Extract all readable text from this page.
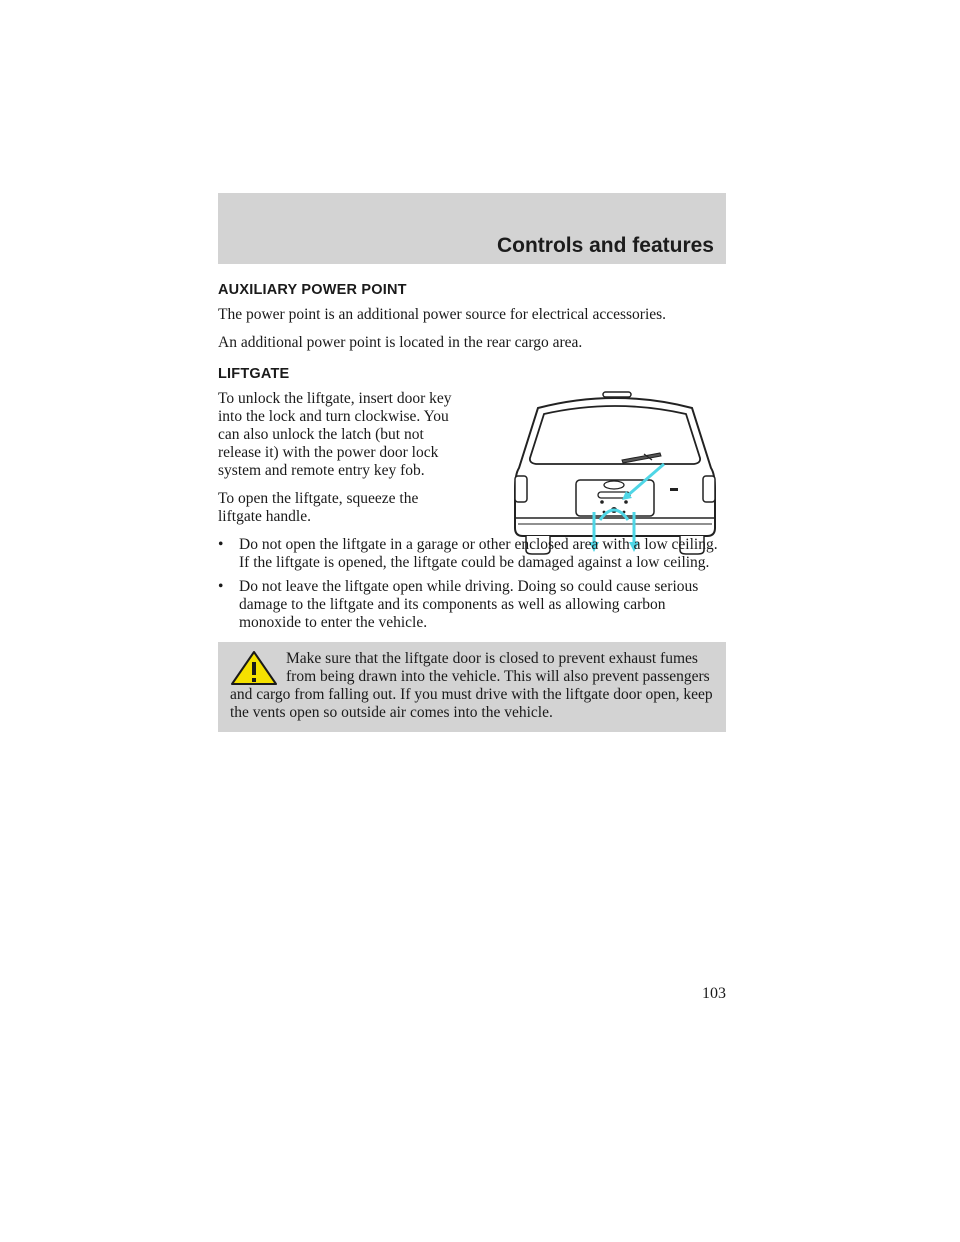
Controls and features
AUXILIARY POWER POINT

The power point is an additional power source for electrical accessories.

An additional power point is located in the rear cargo area.

LIFTGATE

To unlock the liftgate, insert door key into the lock and turn clockwise. You can also unlock the latch (but not release it) with the power door lock system and remote entry key fob.

To open the liftgate, squeeze the liftgate handle.

•	Do not open the liftgate in a garage or other enclosed area with a low ceiling. If the liftgate is opened, the liftgate could be damaged against a low ceiling.
•	Do not leave the liftgate open while driving. Doing so could cause serious damage to the liftgate and its components as well as allowing carbon monoxide to enter the vehicle.
Make sure that the liftgate door is closed to prevent exhaust fumes from being drawn into the vehicle. This will also prevent passengers and cargo from falling out. If you must drive with the liftgate door open, keep the vents open so outside air comes into the vehicle.
103
